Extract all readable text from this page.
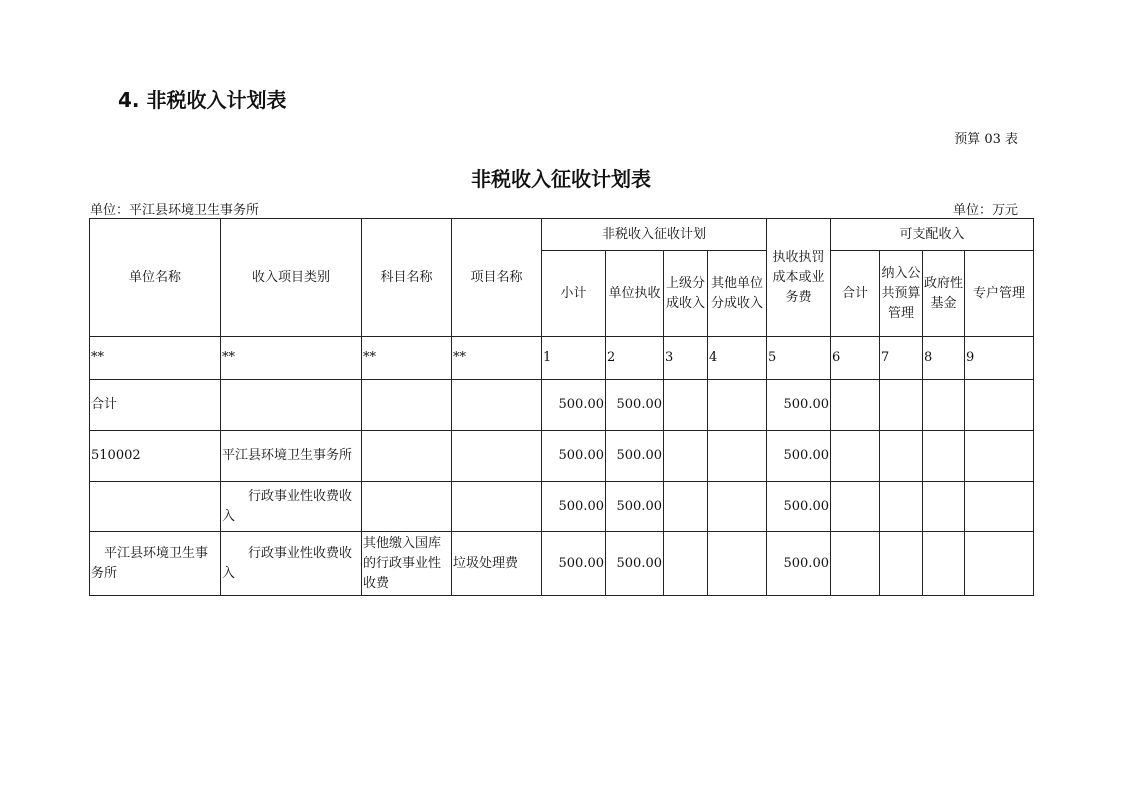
4. 非税收入计划表
预算 03 表
非税收入征收计划表
单位：平江县环境卫生事务所	单位：万元
单位名称	收入项目类别	科目名称	项目名称	非税收入征收计划				执收执罚成本或业务费	可支配收入			
				小计	单位执收	上级分成收入	其他单位分成收入		合计	纳入公共预算管理	政府性基金	专户管理
**	**	**	**	1	2	3	4	5	6	7	8	9
合计				500.00	500.00			500.00				
510002	平江县环境卫生事务所			500.00	500.00			500.00				
	行政事业性收费收入			500.00	500.00			500.00				
平江县环境卫生事务所	行政事业性收费收入	其他缴入国库的行政事业性收费	垃圾处理费	500.00	500.00			500.00				
